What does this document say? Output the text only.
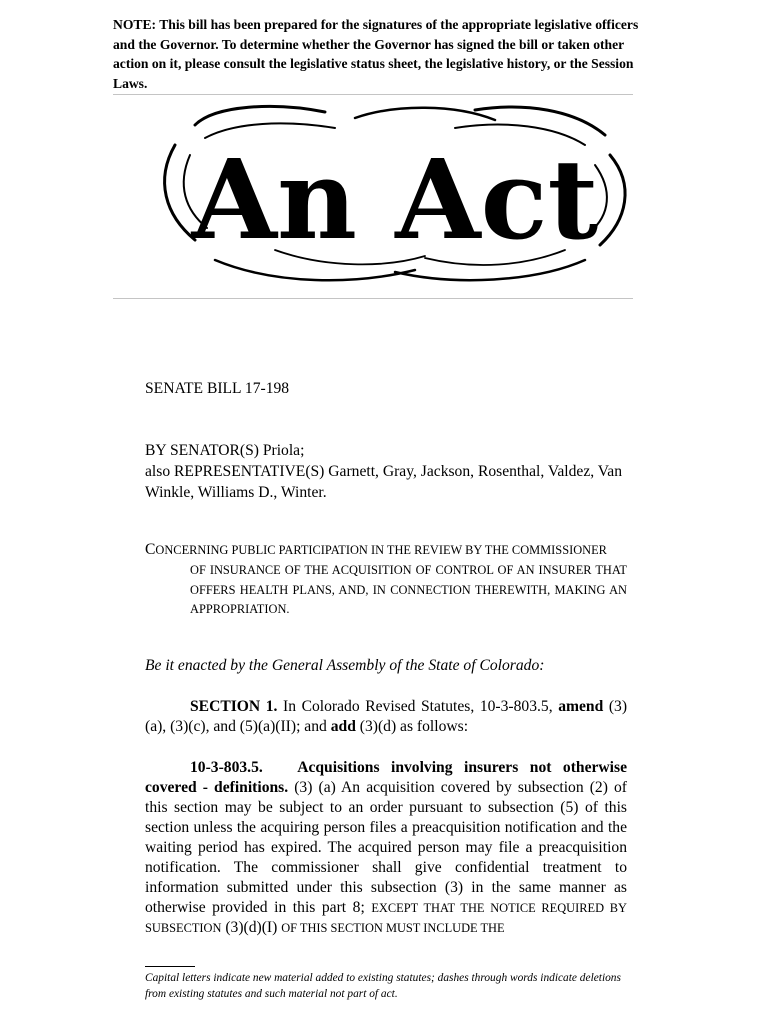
NOTE: This bill has been prepared for the signatures of the appropriate legislative officers and the Governor. To determine whether the Governor has signed the bill or taken other action on it, please consult the legislative status sheet, the legislative history, or the Session Laws.
An Act
SENATE BILL 17-198
BY SENATOR(S) Priola;
also REPRESENTATIVE(S) Garnett, Gray, Jackson, Rosenthal, Valdez, Van Winkle, Williams D., Winter.
CONCERNING PUBLIC PARTICIPATION IN THE REVIEW BY THE COMMISSIONER
OF INSURANCE OF THE ACQUISITION OF CONTROL OF AN INSURER THAT OFFERS HEALTH PLANS, AND, IN CONNECTION THEREWITH, MAKING AN APPROPRIATION.
Be it enacted by the General Assembly of the State of Colorado:
SECTION 1. In Colorado Revised Statutes, 10-3-803.5, amend (3)(a), (3)(c), and (5)(a)(II); and add (3)(d) as follows:
10-3-803.5. Acquisitions involving insurers not otherwise covered - definitions. (3) (a) An acquisition covered by subsection (2) of this section may be subject to an order pursuant to subsection (5) of this section unless the acquiring person files a preacquisition notification and the waiting period has expired. The acquired person may file a preacquisition notification. The commissioner shall give confidential treatment to information submitted under this subsection (3) in the same manner as otherwise provided in this part 8; EXCEPT THAT THE NOTICE REQUIRED BY SUBSECTION (3)(d)(I) OF THIS SECTION MUST INCLUDE THE
Capital letters indicate new material added to existing statutes; dashes through words indicate deletions from existing statutes and such material not part of act.
